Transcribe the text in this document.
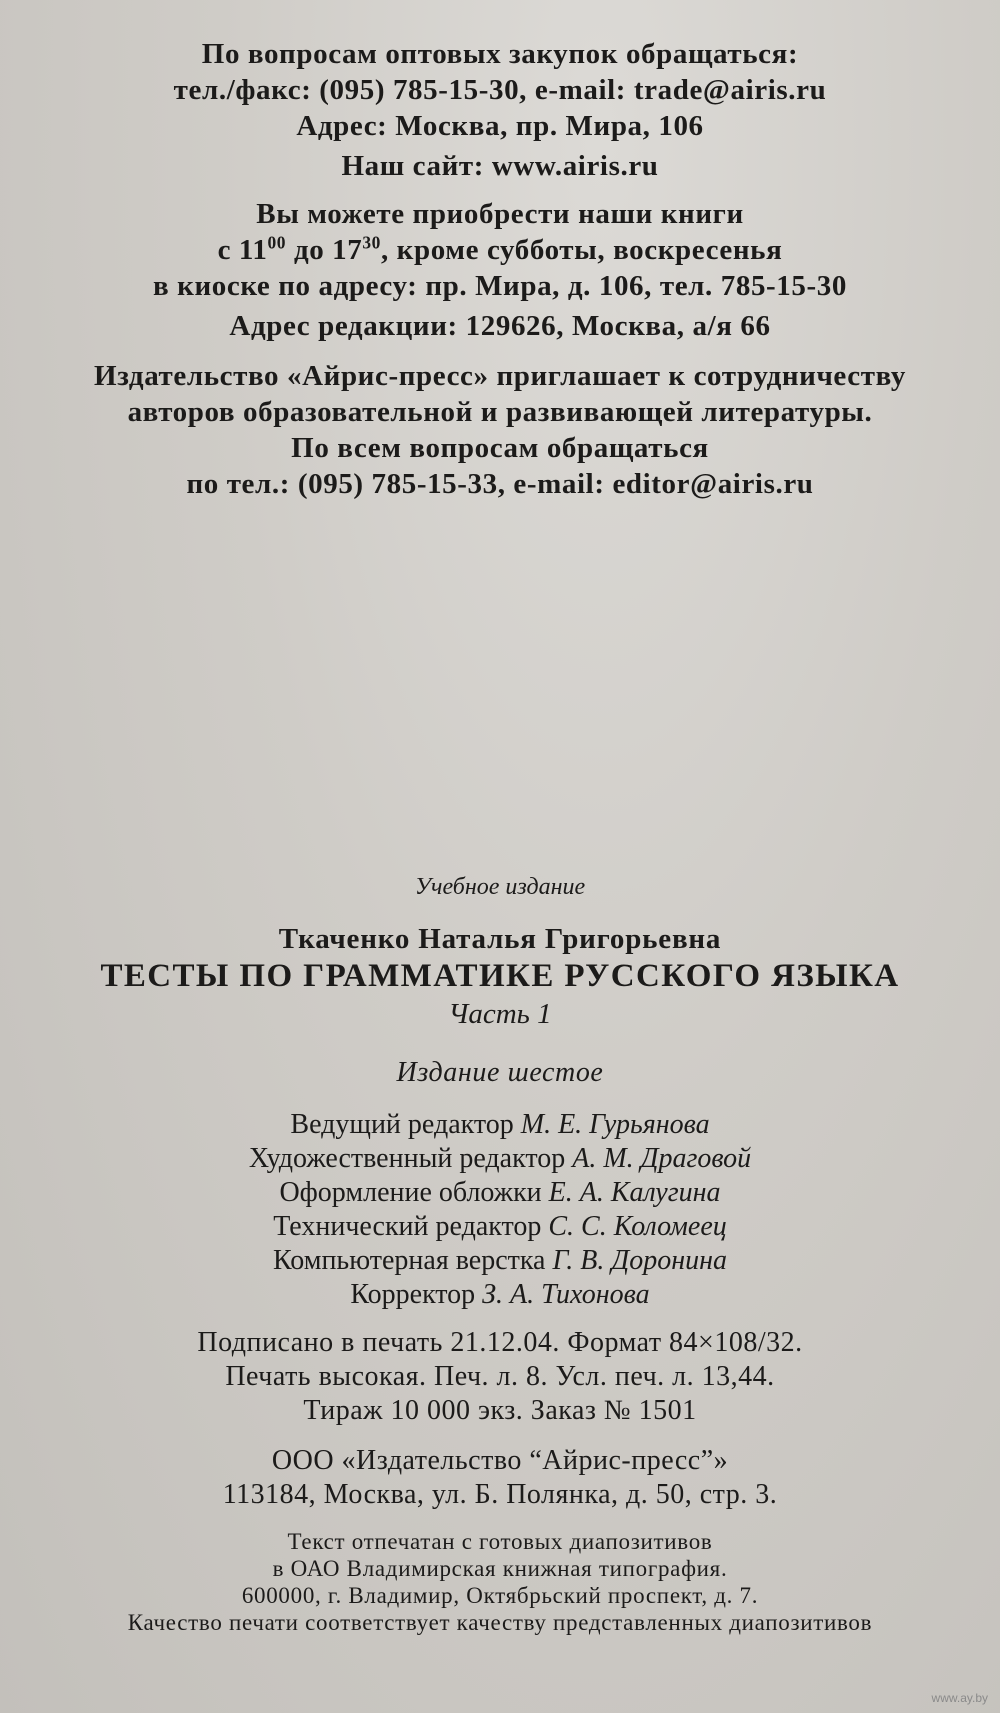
По вопросам оптовых закупок обращаться:
тел./факс: (095) 785-15-30, e-mail: trade@airis.ru
Адрес: Москва, пр. Мира, 106
Наш сайт: www.airis.ru
Вы можете приобрести наши книги
с $11^{00}$ до $17^{30}$, кроме субботы, воскресенья
в киоске по адресу: пр. Мира, д. 106, тел. 785-15-30
Адрес редакции: 129626, Москва, а/я 66
Издательство «Айрис-пресс» приглашает к сотрудничеству
авторов образовательной и развивающей литературы.
По всем вопросам обращаться
по тел.: (095) 785-15-33, e-mail: editor@airis.ru
Учебное издание
Ткаченко Наталья Григорьевна
ТЕСТЫ ПО ГРАММАТИКЕ РУССКОГО ЯЗЫКА
Часть 1
Издание шестое
Ведущий редактор М. Е. Гурьянова
Художественный редактор А. М. Драговой
Оформление обложки Е. А. Калугина
Технический редактор С. С. Коломеец
Компьютерная верстка Г. В. Доронина
Корректор З. А. Тихонова
Подписано в печать 21.12.04. Формат 84×108/32.
Печать высокая. Печ. л. 8. Усл. печ. л. 13,44.
Тираж 10 000 экз. Заказ № 1501
ООО «Издательство “Айрис-пресс”»
113184, Москва, ул. Б. Полянка, д. 50, стр. 3.
Текст отпечатан с готовых диапозитивов
в ОАО Владимирская книжная типография.
600000, г. Владимир, Октябрьский проспект, д. 7.
Качество печати соответствует качеству представленных диапозитивов
www.ay.by
